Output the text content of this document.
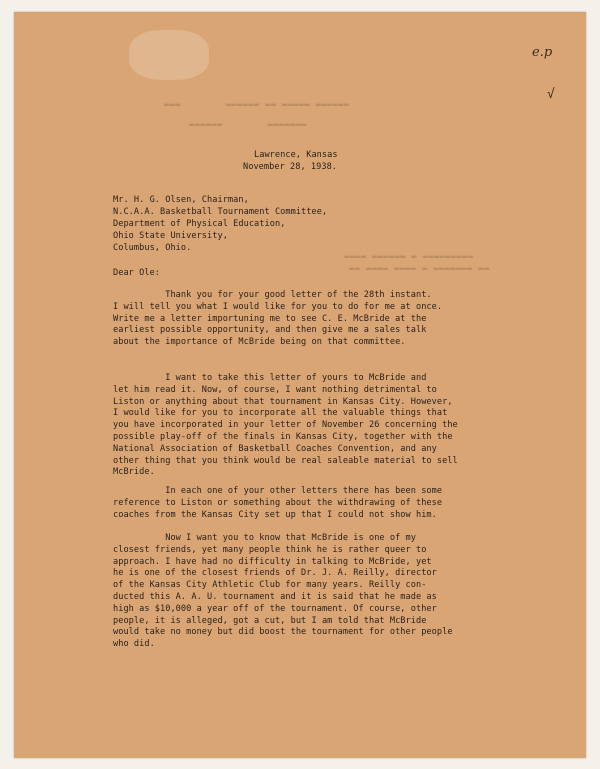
e.p
√
▬▬▬        ▬▬▬▬▬▬ ▬▬ ▬▬▬▬▬ ▬▬▬▬▬▬
▬▬▬▬▬▬        ▬▬▬▬▬▬▬
▬▬▬▬ ▬▬▬▬▬▬ ▬ ▬▬▬▬▬▬▬▬▬
▬▬ ▬▬▬▬ ▬▬▬▬ ▬ ▬▬▬▬▬▬▬ ▬▬
Lawrence, Kansas
November 28, 1938.
Mr. H. G. Olsen, Chairman,
N.C.A.A. Basketball Tournament Committee,
Department of Physical Education,
Ohio State University,
Columbus, Ohio.
Dear Ole:
Thank you for your good letter of the 28th instant.
I will tell you what I would like for you to do for me at once.
Write me a letter importuning me to see C. E. McBride at the
earliest possible opportunity, and then give me a sales talk
about the importance of McBride being on that committee.
I want to take this letter of yours to McBride and
let him read it. Now, of course, I want nothing detrimental to
Liston or anything about that tournament in Kansas City. However,
I would like for you to incorporate all the valuable things that
you have incorporated in your letter of November 26 concerning the
possible play-off of the finals in Kansas City, together with the
National Association of Basketball Coaches Convention, and any
other thing that you think would be real saleable material to sell
McBride.
In each one of your other letters there has been some
reference to Liston or something about the withdrawing of these
coaches from the Kansas City set up that I could not show him.
Now I want you to know that McBride is one of my
closest friends, yet many people think he is rather queer to
approach. I have had no difficulty in talking to McBride, yet
he is one of the closest friends of Dr. J. A. Reilly, director
of the Kansas City Athletic Club for many years. Reilly con-
ducted this A. A. U. tournament and it is said that he made as
high as $10,000 a year off of the tournament. Of course, other
people, it is alleged, got a cut, but I am told that McBride
would take no money but did boost the tournament for other people
who did.
